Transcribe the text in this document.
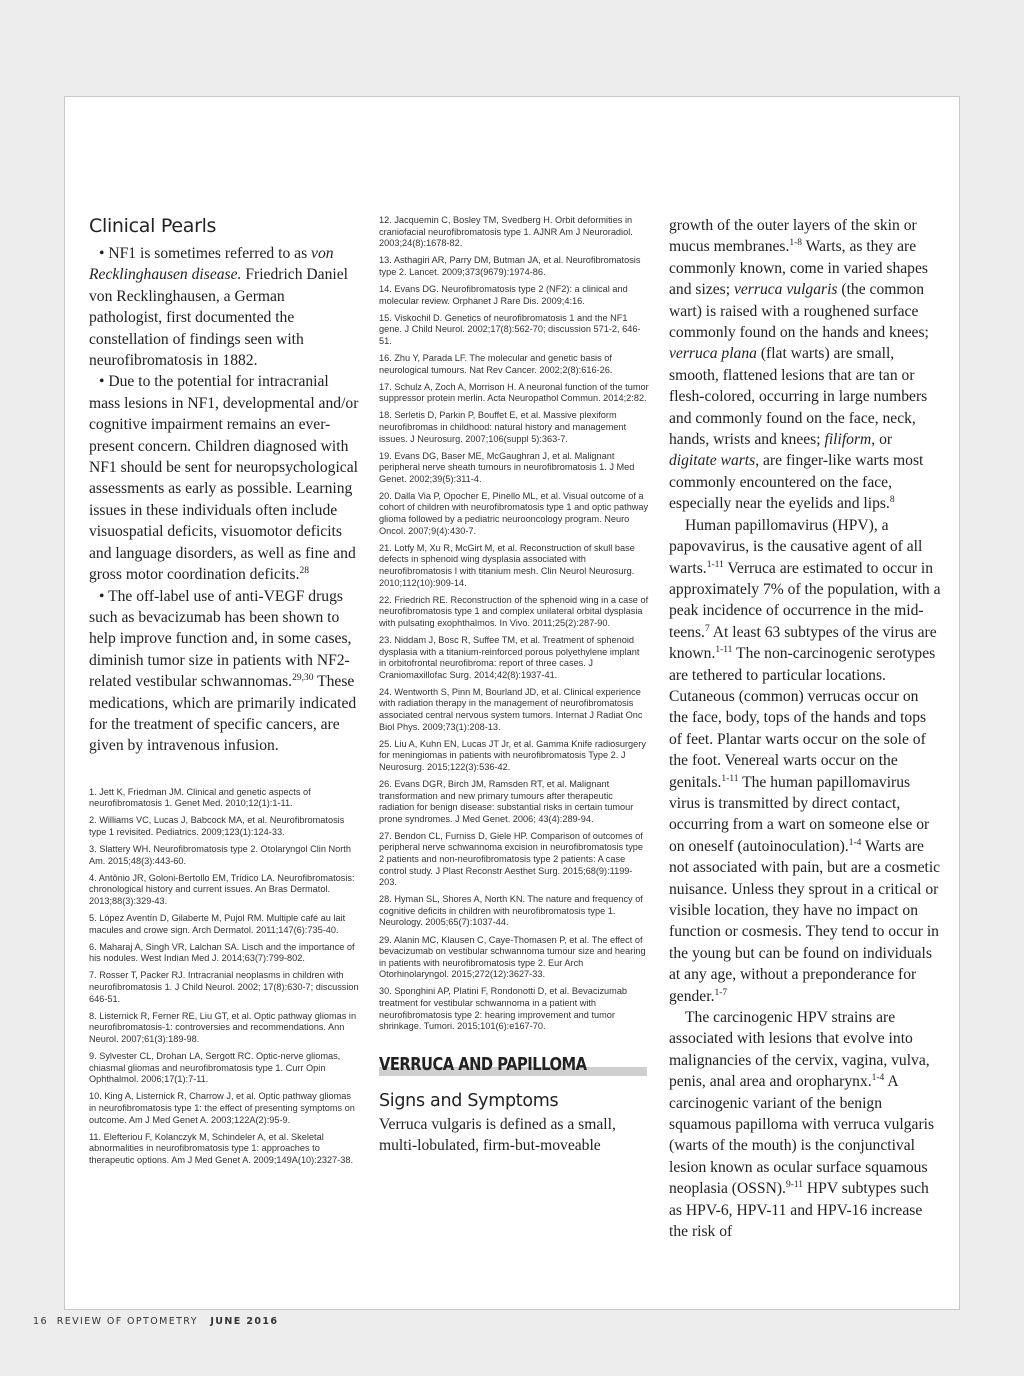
Clinical Pearls

• NF1 is sometimes referred to as von Recklinghausen disease. Friedrich Daniel von Recklinghausen, a German pathologist, first documented the constellation of findings seen with neurofibromatosis in 1882.

• Due to the potential for intracranial mass lesions in NF1, developmental and/or cognitive impairment remains an ever-present concern. Children diagnosed with NF1 should be sent for neuropsychological assessments as early as possible. Learning issues in these individuals often include visuospatial deficits, visuomotor deficits and language disorders, as well as fine and gross motor coordination deficits.$^{28}$

• The off-label use of anti-VEGF drugs such as bevacizumab has been shown to help improve function and, in some cases, diminish tumor size in patients with NF2-related vestibular schwannomas.$^{29,30}$ These medications, which are primarily indicated for the treatment of specific cancers, are given by intravenous infusion.

1. Jett K, Friedman JM. Clinical and genetic aspects of neurofibromatosis 1. Genet Med. 2010;12(1):1-11.

2. Williams VC, Lucas J, Babcock MA, et al. Neurofibromatosis type 1 revisited. Pediatrics. 2009;123(1):124-33.

3. Slattery WH. Neurofibromatosis type 2. Otolaryngol Clin North Am. 2015;48(3):443-60.

4. Antônio JR, Goloni-Bertollo EM, Trídico LA. Neurofibromatosis: chronological history and current issues. An Bras Dermatol. 2013;88(3):329-43.

5. López Aventín D, Gilaberte M, Pujol RM. Multiple café au lait macules and crowe sign. Arch Dermatol. 2011;147(6):735-40.

6. Maharaj A, Singh VR, Lalchan SA. Lisch and the importance of his nodules. West Indian Med J. 2014;63(7):799-802.

7. Rosser T, Packer RJ. Intracranial neoplasms in children with neurofibromatosis 1. J Child Neurol. 2002; 17(8):630-7; discussion 646-51.

8. Listernick R, Ferner RE, Liu GT, et al. Optic pathway gliomas in neurofibromatosis-1: controversies and recommendations. Ann Neurol. 2007;61(3):189-98.

9. Sylvester CL, Drohan LA, Sergott RC. Optic-nerve gliomas, chiasmal gliomas and neurofibromatosis type 1. Curr Opin Ophthalmol. 2006;17(1):7-11.

10. King A, Listernick R, Charrow J, et al. Optic pathway gliomas in neurofibromatosis type 1: the effect of presenting symptoms on outcome. Am J Med Genet A. 2003;122A(2):95-9.

11. Elefteriou F, Kolanczyk M, Schindeler A, et al. Skeletal abnormalities in neurofibromatosis type 1: approaches to therapeutic options. Am J Med Genet A. 2009;149A(10):2327-38.

12. Jacquemin C, Bosley TM, Svedberg H. Orbit deformities in craniofacial neurofibromatosis type 1. AJNR Am J Neuroradiol. 2003;24(8):1678-82.

13. Asthagiri AR, Parry DM, Butman JA, et al. Neurofibromatosis type 2. Lancet. 2009;373(9679):1974-86.

14. Evans DG. Neurofibromatosis type 2 (NF2): a clinical and molecular review. Orphanet J Rare Dis. 2009;4:16.

15. Viskochil D. Genetics of neurofibromatosis 1 and the NF1 gene. J Child Neurol. 2002;17(8):562-70; discussion 571-2, 646-51.

16. Zhu Y, Parada LF. The molecular and genetic basis of neurological tumours. Nat Rev Cancer. 2002;2(8):616-26.

17. Schulz A, Zoch A, Morrison H. A neuronal function of the tumor suppressor protein merlin. Acta Neuropathol Commun. 2014;2:82.

18. Serletis D, Parkin P, Bouffet E, et al. Massive plexiform neurofibromas in childhood: natural history and management issues. J Neurosurg. 2007;106(suppl 5):363-7.

19. Evans DG, Baser ME, McGaughran J, et al. Malignant peripheral nerve sheath tumours in neurofibromatosis 1. J Med Genet. 2002;39(5):311-4.

20. Dalla Via P, Opocher E, Pinello ML, et al. Visual outcome of a cohort of children with neurofibromatosis type 1 and optic pathway glioma followed by a pediatric neurooncology program. Neuro Oncol. 2007;9(4):430-7.

21. Lotfy M, Xu R, McGirt M, et al. Reconstruction of skull base defects in sphenoid wing dysplasia associated with neurofibromatosis I with titanium mesh. Clin Neurol Neurosurg. 2010;112(10):909-14.

22. Friedrich RE. Reconstruction of the sphenoid wing in a case of neurofibromatosis type 1 and complex unilateral orbital dysplasia with pulsating exophthalmos. In Vivo. 2011;25(2):287-90.

23. Niddam J, Bosc R, Suffee TM, et al. Treatment of sphenoid dysplasia with a titanium-reinforced porous polyethylene implant in orbitofrontal neurofibroma: report of three cases. J Craniomaxillofac Surg. 2014;42(8):1937-41.

24. Wentworth S, Pinn M, Bourland JD, et al. Clinical experience with radiation therapy in the management of neurofibromatosis associated central nervous system tumors. Internat J Radiat Onc Biol Phys. 2009;73(1):208-13.

25. Liu A, Kuhn EN, Lucas JT Jr, et al. Gamma Knife radiosurgery for meningiomas in patients with neurofibromatosis Type 2. J Neurosurg. 2015;122(3):536-42.

26. Evans DGR, Birch JM, Ramsden RT, et al. Malignant transformation and new primary tumours after therapeutic radiation for benign disease: substantial risks in certain tumour prone syndromes. J Med Genet. 2006; 43(4):289-94.

27. Bendon CL, Furniss D, Giele HP. Comparison of outcomes of peripheral nerve schwannoma excision in neurofibromatosis type 2 patients and non-neurofibromatosis type 2 patients: A case control study. J Plast Reconstr Aesthet Surg. 2015;68(9):1199-203.

28. Hyman SL, Shores A, North KN. The nature and frequency of cognitive deficits in children with neurofibromatosis type 1. Neurology. 2005;65(7):1037-44.

29. Alanin MC, Klausen C, Caye-Thomasen P, et al. The effect of bevacizumab on vestibular schwannoma tumour size and hearing in patients with neurofibromatosis type 2. Eur Arch Otorhinolaryngol. 2015;272(12):3627-33.

30. Sponghini AP, Platini F, Rondonotti D, et al. Bevacizumab treatment for vestibular schwannoma in a patient with neurofibromatosis type 2: hearing improvement and tumor shrinkage. Tumori. 2015;101(6):e167-70.

VERRUCA AND PAPILLOMA
Signs and Symptoms

Verruca vulgaris is defined as a small, multi-lobulated, firm-but-moveable

growth of the outer layers of the skin or mucus membranes.$^{1-8}$ Warts, as they are commonly known, come in varied shapes and sizes; verruca vulgaris (the common wart) is raised with a roughened surface commonly found on the hands and knees; verruca plana (flat warts) are small, smooth, flattened lesions that are tan or flesh-colored, occurring in large numbers and commonly found on the face, neck, hands, wrists and knees; filiform, or digitate warts, are finger-like warts most commonly encountered on the face, especially near the eyelids and lips.$^8$

Human papillomavirus (HPV), a papovavirus, is the causative agent of all warts.$^{1-11}$ Verruca are estimated to occur in approximately 7% of the population, with a peak incidence of occurrence in the mid-teens.$^7$ At least 63 subtypes of the virus are known.$^{1-11}$ The non-carcinogenic serotypes are tethered to particular locations. Cutaneous (common) verrucas occur on the face, body, tops of the hands and tops of feet. Plantar warts occur on the sole of the foot. Venereal warts occur on the genitals.$^{1-11}$ The human papillomavirus virus is transmitted by direct contact, occurring from a wart on someone else or on oneself (autoinoculation).$^{1-4}$ Warts are not associated with pain, but are a cosmetic nuisance. Unless they sprout in a critical or visible location, they have no impact on function or cosmesis. They tend to occur in the young but can be found on individuals at any age, without a preponderance for gender.$^{1-7}$

The carcinogenic HPV strains are associated with lesions that evolve into malignancies of the cervix, vagina, vulva, penis, anal area and oropharynx.$^{1-4}$ A carcinogenic variant of the benign squamous papilloma with verruca vulgaris (warts of the mouth) is the conjunctival lesion known as ocular surface squamous neoplasia (OSSN).$^{9-11}$ HPV subtypes such as HPV-6, HPV-11 and HPV-16 increase the risk of

16 REVIEW OF OPTOMETRY JUNE 2016
